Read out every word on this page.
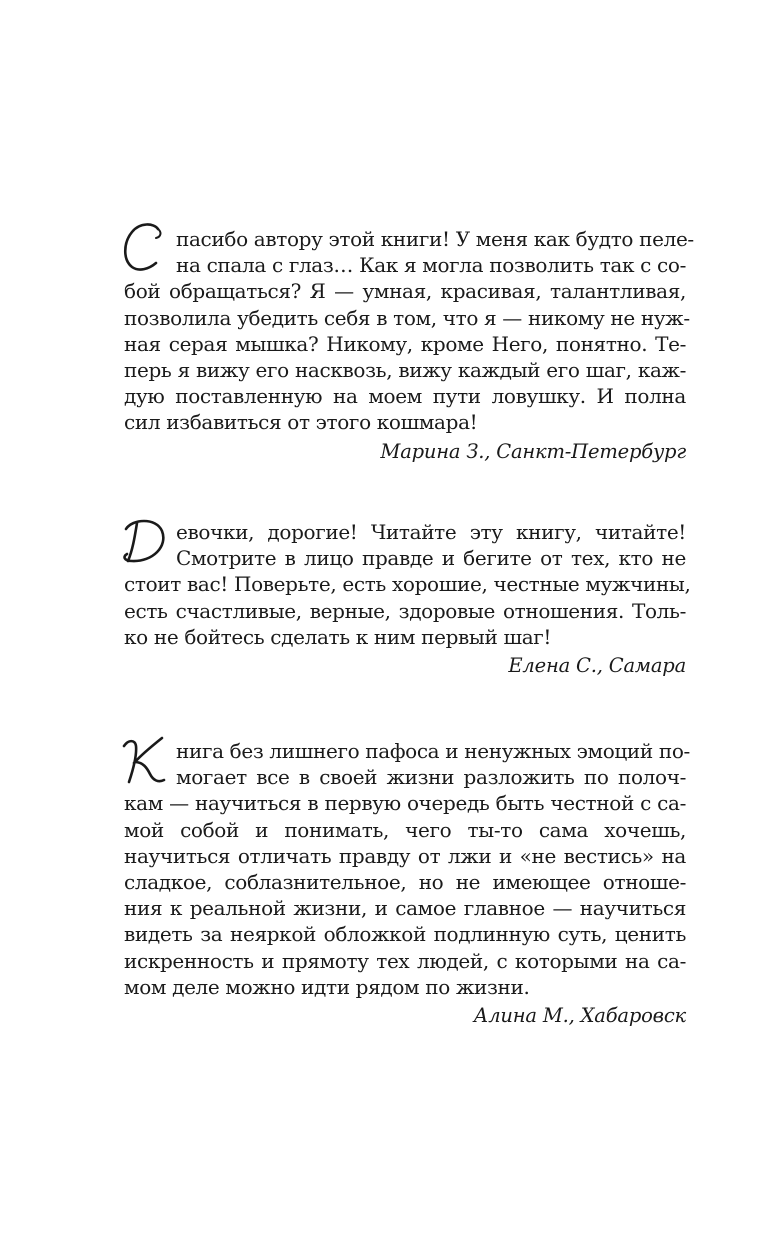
пасибо автору этой книги! У меня как будто пеле-
на спала с глаз… Как я могла позволить так с со-
бой обращаться? Я — умная, красивая, талантливая,
позволила убедить себя в том, что я — никому не нуж-
ная серая мышка? Никому, кроме Него, понятно. Те-
перь я вижу его насквозь, вижу каждый его шаг, каж-
дую поставленную на моем пути ловушку. И полна
сил избавиться от этого кошмара!
Марина З., Санкт-Петербург
евочки, дорогие! Читайте эту книгу, читайте!
Смотрите в лицо правде и бегите от тех, кто не
стоит вас! Поверьте, есть хорошие, честные мужчины,
есть счастливые, верные, здоровые отношения. Толь-
ко не бойтесь сделать к ним первый шаг!
Елена С., Самара
нига без лишнего пафоса и ненужных эмоций по-
могает все в своей жизни разложить по полоч-
кам — научиться в первую очередь быть честной с са-
мой собой и понимать, чего ты-то сама хочешь,
научиться отличать правду от лжи и «не вестись» на
сладкое, соблазнительное, но не имеющее отноше-
ния к реальной жизни, и самое главное — научиться
видеть за неяркой обложкой подлинную суть, ценить
искренность и прямоту тех людей, с которыми на са-
мом деле можно идти рядом по жизни.
Алина М., Хабаровск
